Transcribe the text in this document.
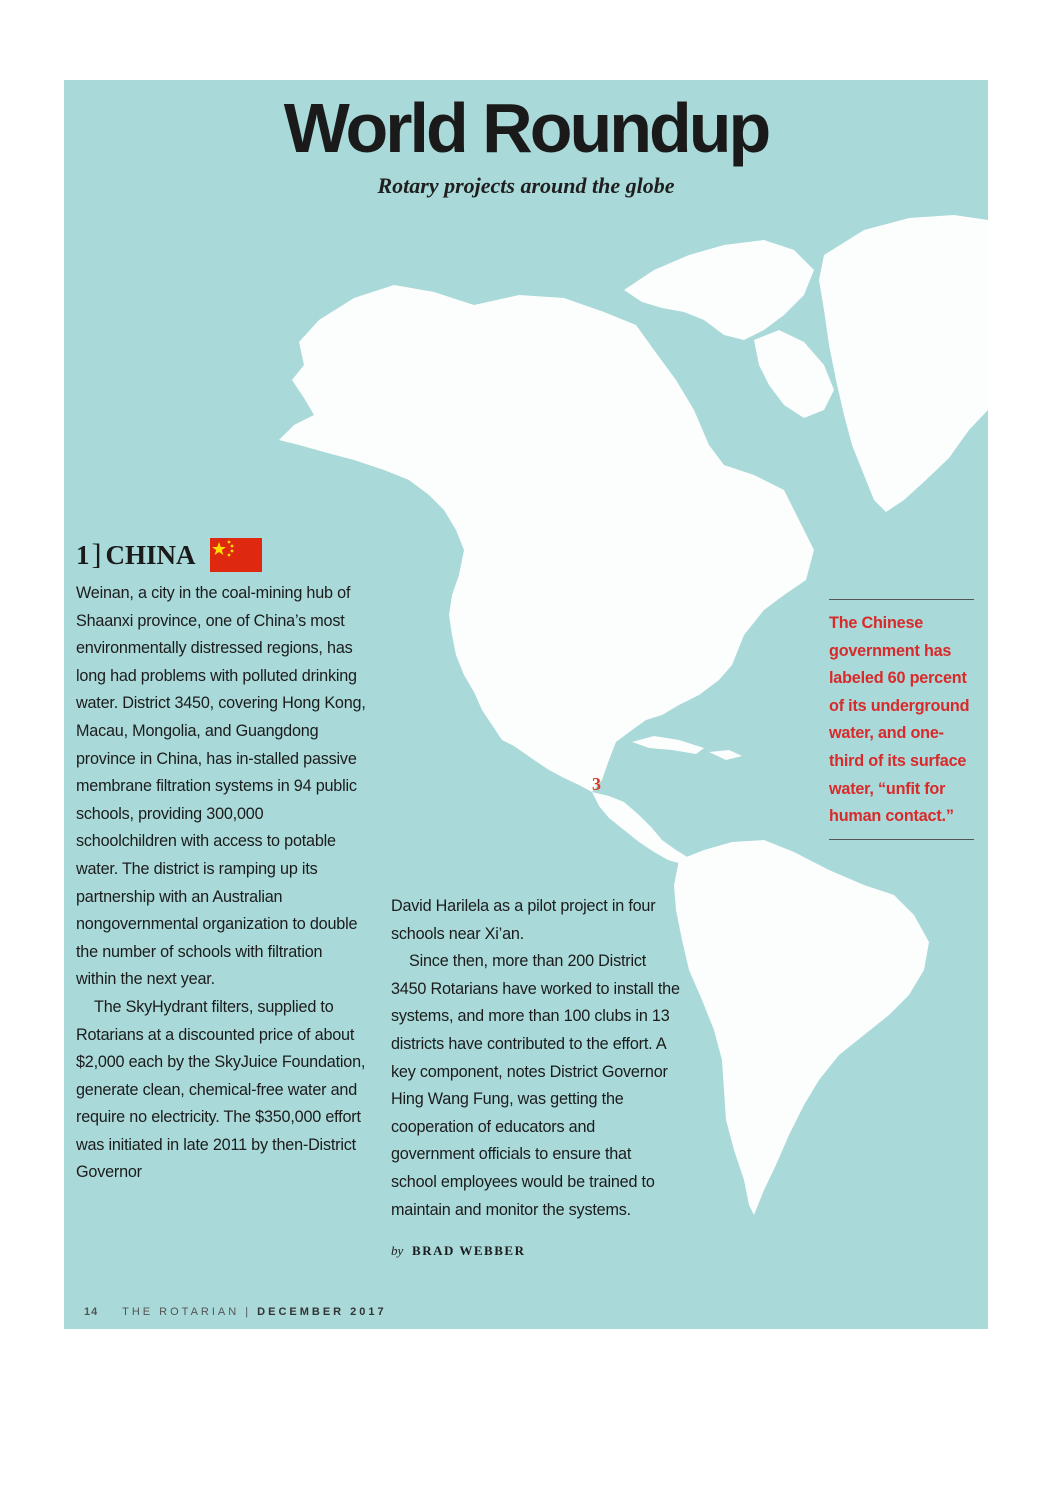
World Roundup
Rotary projects around the globe
1 ] CHINA

Weinan, a city in the coal-mining hub of Shaanxi province, one of China’s most environmentally distressed regions, has long had problems with polluted drinking water. District 3450, covering Hong Kong, Macau, Mongolia, and Guangdong province in China, has in-stalled passive membrane filtration systems in 94 public schools, providing 300,000 schoolchildren with access to potable water. The district is ramping up its partnership with an Australian nongovernmental organization to double the number of schools with filtration within the next year.

The SkyHydrant filters, supplied to Rotarians at a discounted price of about $2,000 each by the SkyJuice Foundation, generate clean, chemical-free water and require no electricity. The $350,000 effort was initiated in late 2011 by then-District Governor

David Harilela as a pilot project in four schools near Xi’an.

Since then, more than 200 District 3450 Rotarians have worked to install the systems, and more than 100 clubs in 13 districts have contributed to the effort. A key component, notes District Governor Hing Wang Fung, was getting the cooperation of educators and government officials to ensure that school employees would be trained to maintain and monitor the systems.

by BRAD WEBBER

The Chinese government has labeled 60 percent of its underground water, and one-third of its surface water, “unfit for human contact.”

3
14 THE ROTARIAN | DECEMBER 2017
